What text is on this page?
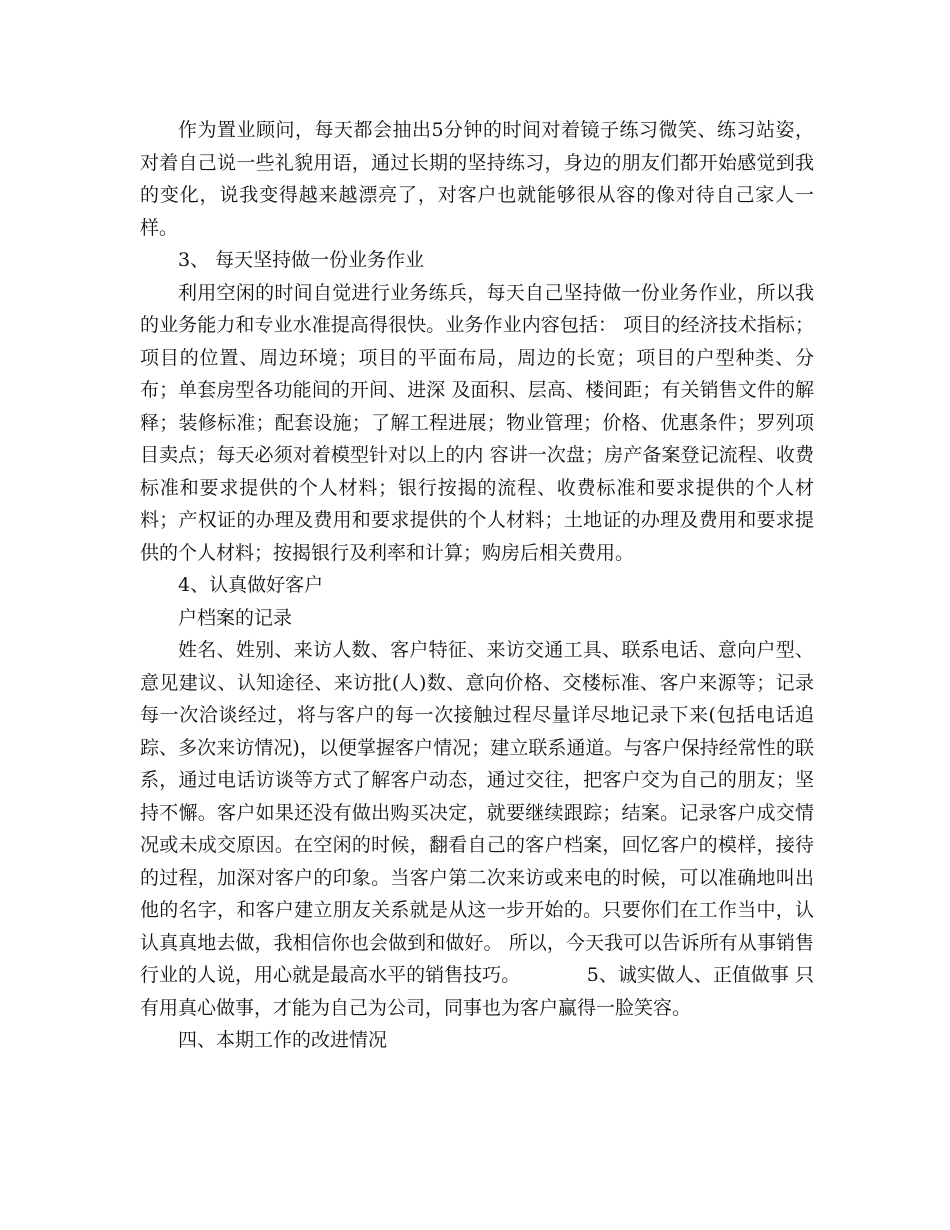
作为置业顾问，每天都会抽出5分钟的时间对着镜子练习微笑、练习站姿，对着自己说一些礼貌用语，通过长期的坚持练习，身边的朋友们都开始感觉到我的变化，说我变得越来越漂亮了，对客户也就能够很从容的像对待自己家人一样。

3、 每天坚持做一份业务作业

利用空闲的时间自觉进行业务练兵，每天自己坚持做一份业务作业，所以我的业务能力和专业水准提高得很快。业务作业内容包括： 项目的经济技术指标；项目的位置、周边环境；项目的平面布局，周边的长宽；项目的户型种类、分布；单套房型各功能间的开间、进深 及面积、层高、楼间距；有关销售文件的解释；装修标准；配套设施；了解工程进展；物业管理；价格、优惠条件；罗列项目卖点；每天必须对着模型针对以上的内 容讲一次盘；房产备案登记流程、收费标准和要求提供的个人材料；银行按揭的流程、收费标准和要求提供的个人材料；产权证的办理及费用和要求提供的个人材料；土地证的办理及费用和要求提供的个人材料；按揭银行及利率和计算；购房后相关费用。

4、认真做好客户

户档案的记录

姓名、姓别、来访人数、客户特征、来访交通工具、联系电话、意向户型、意见建议、认知途径、来访批(人)数、意向价格、交楼标准、客户来源等；记录每一次洽谈经过，将与客户的每一次接触过程尽量详尽地记录下来(包括电话追踪、多次来访情况)，以便掌握客户情况；建立联系通道。与客户保持经常性的联系，通过电话访谈等方式了解客户动态，通过交往，把客户交为自己的朋友；坚持不懈。客户如果还没有做出购买决定，就要继续跟踪；结案。记录客户成交情况或未成交原因。在空闲的时候，翻看自己的客户档案，回忆客户的模样，接待的过程，加深对客户的印象。当客户第二次来访或来电的时候，可以准确地叫出他的名字，和客户建立朋友关系就是从这一步开始的。只要你们在工作当中，认认真真地去做，我相信你也会做到和做好。 所以，今天我可以告诉所有从事销售行业的人说，用心就是最高水平的销售技巧。　　　　5、诚实做人、正值做事 只有用真心做事，才能为自己为公司，同事也为客户赢得一脸笑容。

四、本期工作的改进情况
